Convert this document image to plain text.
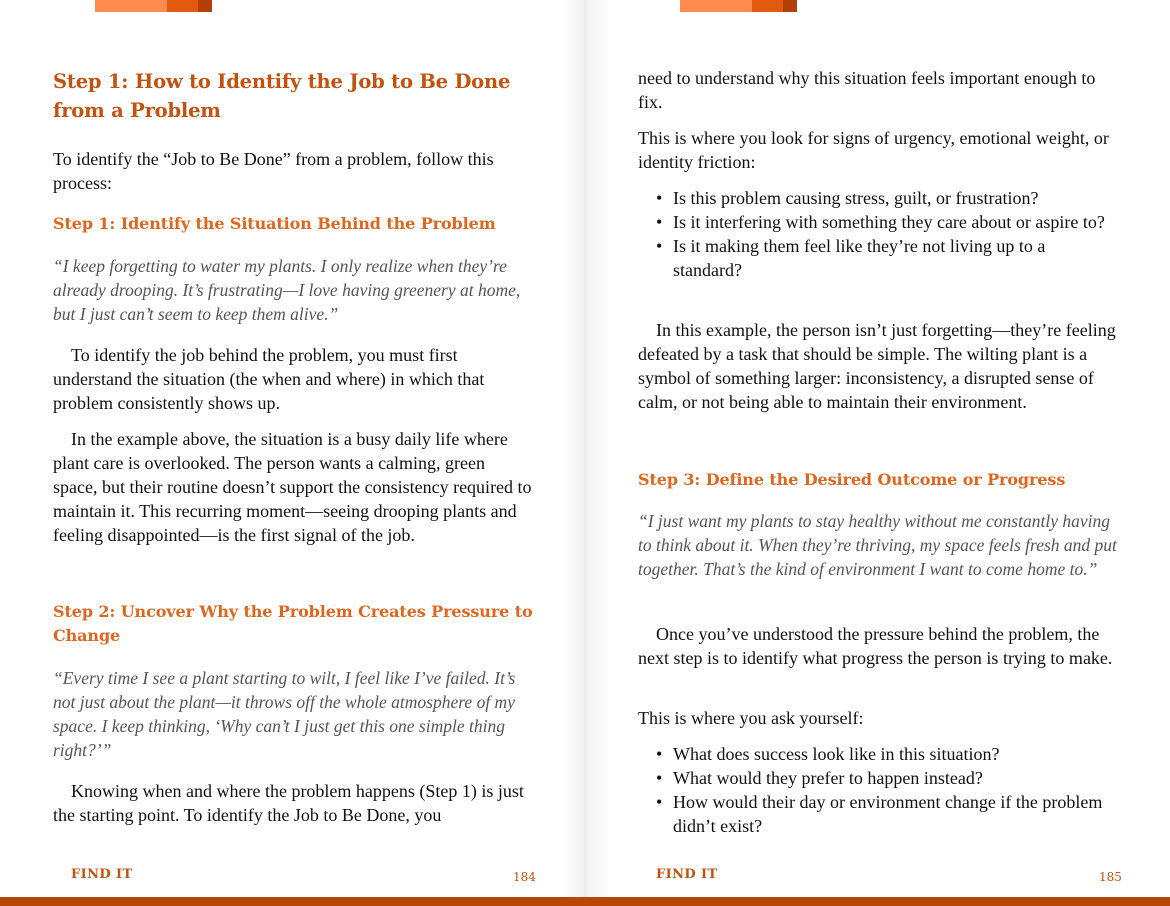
Step 1: How to Identify the Job to Be Done from a Problem

To identify the “Job to Be Done” from a problem, follow this process:

Step 1: Identify the Situation Behind the Problem

“I keep forgetting to water my plants. I only realize when they’re already drooping. It’s frustrating—I love having greenery at home, but I just can’t seem to keep them alive.”

To identify the job behind the problem, you must first understand the situation (the when and where) in which that problem consistently shows up.

In the example above, the situation is a busy daily life where plant care is overlooked. The person wants a calming, green space, but their routine doesn’t support the consistency required to maintain it. This recurring moment—seeing drooping plants and feeling disappointed—is the first signal of the job.

Step 2: Uncover Why the Problem Creates Pressure to Change

“Every time I see a plant starting to wilt, I feel like I’ve failed. It’s not just about the plant—it throws off the whole atmosphere of my space. I keep thinking, ‘Why can’t I just get this one simple thing right?’”

Knowing when and where the problem happens (Step 1) is just the starting point. To identify the Job to Be Done, you

FIND IT	184

need to understand why this situation feels important enough to fix.

This is where you look for signs of urgency, emotional weight, or identity friction:

• Is this problem causing stress, guilt, or frustration?
• Is it interfering with something they care about or aspire to?
• Is it making them feel like they’re not living up to a standard?

In this example, the person isn’t just forgetting—they’re feeling defeated by a task that should be simple. The wilting plant is a symbol of something larger: inconsistency, a disrupted sense of calm, or not being able to maintain their environment.

Step 3: Define the Desired Outcome or Progress

“I just want my plants to stay healthy without me constantly having to think about it. When they’re thriving, my space feels fresh and put together. That’s the kind of environment I want to come home to.”

Once you’ve understood the pressure behind the problem, the next step is to identify what progress the person is trying to make.

This is where you ask yourself:

• What does success look like in this situation?
• What would they prefer to happen instead?
• How would their day or environment change if the problem didn’t exist?
FIND IT	185
